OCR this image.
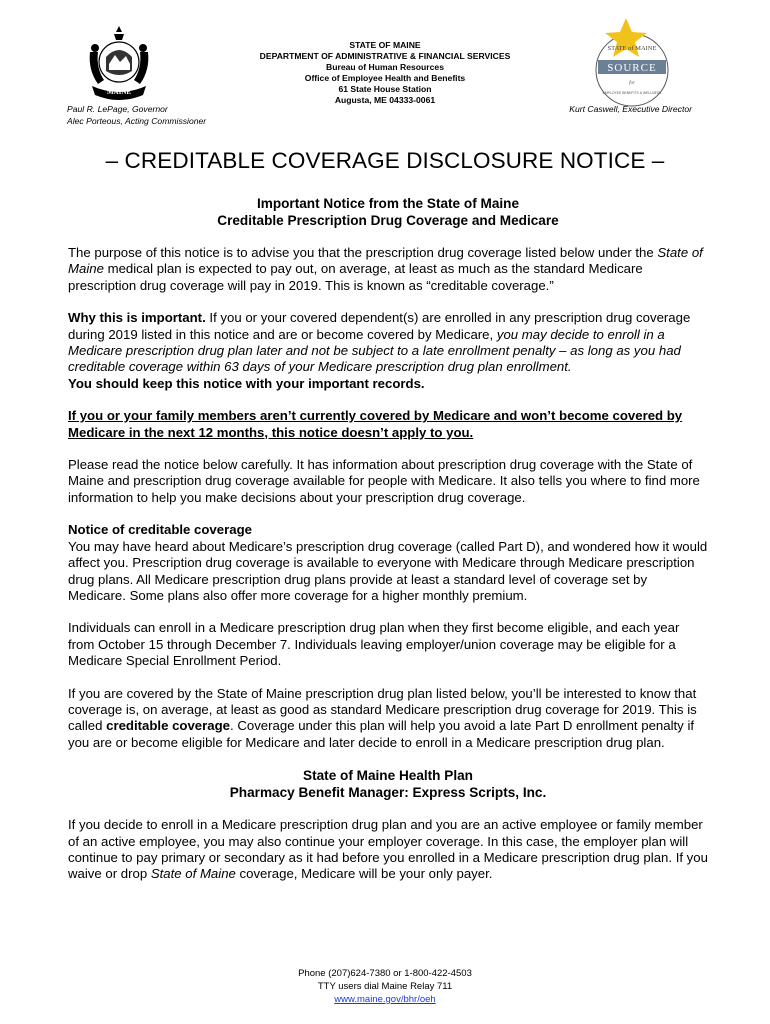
MAINE
STATE of MAINE
SOURCE
for
EMPLOYEE BENEFITS & WELLNESS
STATE OF MAINE
DEPARTMENT OF ADMINISTRATIVE & FINANCIAL SERVICES
Bureau of Human Resources
Office of Employee Health and Benefits
61 State House Station
Augusta, ME 04333-0061
Paul R. LePage, Governor
Alec Porteous, Acting Commissioner
Kurt Caswell, Executive Director
– CREDITABLE COVERAGE DISCLOSURE NOTICE –
Important Notice from the State of Maine
Creditable Prescription Drug Coverage and Medicare

The purpose of this notice is to advise you that the prescription drug coverage listed below under the State of Maine medical plan is expected to pay out, on average, at least as much as the standard Medicare prescription drug coverage will pay in 2019. This is known as “creditable coverage.”

Why this is important. If you or your covered dependent(s) are enrolled in any prescription drug coverage during 2019 listed in this notice and are or become covered by Medicare, you may decide to enroll in a Medicare prescription drug plan later and not be subject to a late enrollment penalty – as long as you had creditable coverage within 63 days of your Medicare prescription drug plan enrollment.
You should keep this notice with your important records.

If you or your family members aren’t currently covered by Medicare and won’t become covered by Medicare in the next 12 months, this notice doesn’t apply to you.

Please read the notice below carefully. It has information about prescription drug coverage with the State of Maine and prescription drug coverage available for people with Medicare. It also tells you where to find more information to help you make decisions about your prescription drug coverage.

Notice of creditable coverage
You may have heard about Medicare’s prescription drug coverage (called Part D), and wondered how it would affect you. Prescription drug coverage is available to everyone with Medicare through Medicare prescription drug plans. All Medicare prescription drug plans provide at least a standard level of coverage set by Medicare. Some plans also offer more coverage for a higher monthly premium.

Individuals can enroll in a Medicare prescription drug plan when they first become eligible, and each year from October 15 through December 7. Individuals leaving employer/union coverage may be eligible for a Medicare Special Enrollment Period.

If you are covered by the State of Maine prescription drug plan listed below, you’ll be interested to know that coverage is, on average, at least as good as standard Medicare prescription drug coverage for 2019. This is called creditable coverage. Coverage under this plan will help you avoid a late Part D enrollment penalty if you are or become eligible for Medicare and later decide to enroll in a Medicare prescription drug plan.

State of Maine Health Plan
Pharmacy Benefit Manager: Express Scripts, Inc.

If you decide to enroll in a Medicare prescription drug plan and you are an active employee or family member of an active employee, you may also continue your employer coverage. In this case, the employer plan will continue to pay primary or secondary as it had before you enrolled in a Medicare prescription drug plan. If you waive or drop State of Maine coverage, Medicare will be your only payer.

Phone (207)624-7380 or 1-800-422-4503
TTY users dial Maine Relay 711
www.maine.gov/bhr/oeh
